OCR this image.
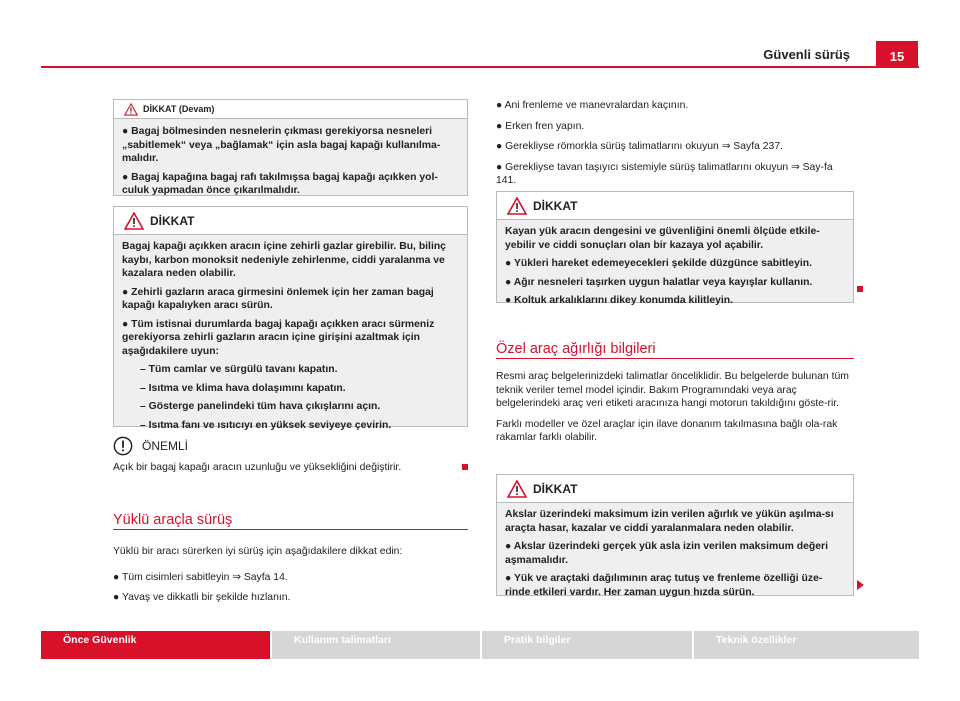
Güvenli sürüş	15
DİKKAT (Devam)

● Bagaj bölmesinden nesnelerin çıkması gerekiyorsa nesneleri „sabitlemek“ veya „bağlamak“ için asla bagaj kapağı kullanılma-malıdır.

● Bagaj kapağına bagaj rafı takılmışsa bagaj kapağı açıkken yol-culuk yapmadan önce çıkarılmalıdır.

DİKKAT

Bagaj kapağı açıkken aracın içine zehirli gazlar girebilir. Bu, bilinç kaybı, karbon monoksit nedeniyle zehirlenme, ciddi yaralanma ve kazalara neden olabilir.

● Zehirli gazların araca girmesini önlemek için her zaman bagaj kapağı kapalıyken aracı sürün.

● Tüm istisnai durumlarda bagaj kapağı açıkken aracı sürmeniz gerekiyorsa zehirli gazların aracın içine girişini azaltmak için aşağıdakilere uyun:

– Tüm camlar ve sürgülü tavanı kapatın.

– Isıtma ve klima hava dolaşımını kapatın.

– Gösterge panelindeki tüm hava çıkışlarını açın.

– Isıtma fanı ve ısıtıcıyı en yüksek seviyeye çevirin.

ÖNEMLİ
Açık bir bagaj kapağı aracın uzunluğu ve yüksekliğini değiştirir.
Yüklü araçla sürüş

Yüklü bir aracı sürerken iyi sürüş için aşağıdakilere dikkat edin:

● Tüm cisimleri sabitleyin ⇒ Sayfa 14.

● Yavaş ve dikkatli bir şekilde hızlanın.

● Ani frenleme ve manevralardan kaçının.

● Erken fren yapın.

● Gerekliyse römorkla sürüş talimatlarını okuyun ⇒ Sayfa 237.

● Gerekliyse tavan taşıyıcı sistemiyle sürüş talimatlarını okuyun ⇒ Say-fa 141.

DİKKAT

Kayan yük aracın dengesini ve güvenliğini önemli ölçüde etkile-yebilir ve ciddi sonuçları olan bir kazaya yol açabilir.

● Yükleri hareket edemeyecekleri şekilde düzgünce sabitleyin.

● Ağır nesneleri taşırken uygun halatlar veya kayışlar kullanın.

● Koltuk arkalıklarını dikey konumda kilitleyin.

Özel araç ağırlığı bilgileri

Resmi araç belgelerinizdeki talimatlar önceliklidir. Bu belgelerde bulunan tüm teknik veriler temel model içindir. Bakım Programındaki veya araç belgelerindeki araç veri etiketi aracınıza hangi motorun takıldığını göste-rir.

Farklı modeller ve özel araçlar için ilave donanım takılmasına bağlı ola-rak rakamlar farklı olabilir.

DİKKAT

Akslar üzerindeki maksimum izin verilen ağırlık ve yükün aşılma-sı araçta hasar, kazalar ve ciddi yaralanmalara neden olabilir.

● Akslar üzerindeki gerçek yük asla izin verilen maksimum değeri aşmamalıdır.

● Yük ve araçtaki dağılımının araç tutuş ve frenleme özelliği üze-rinde etkileri vardır. Her zaman uygun hızda sürün.

Önce Güvenlik	Kullanım talimatları	Pratik bilgiler	Teknik özellikler
